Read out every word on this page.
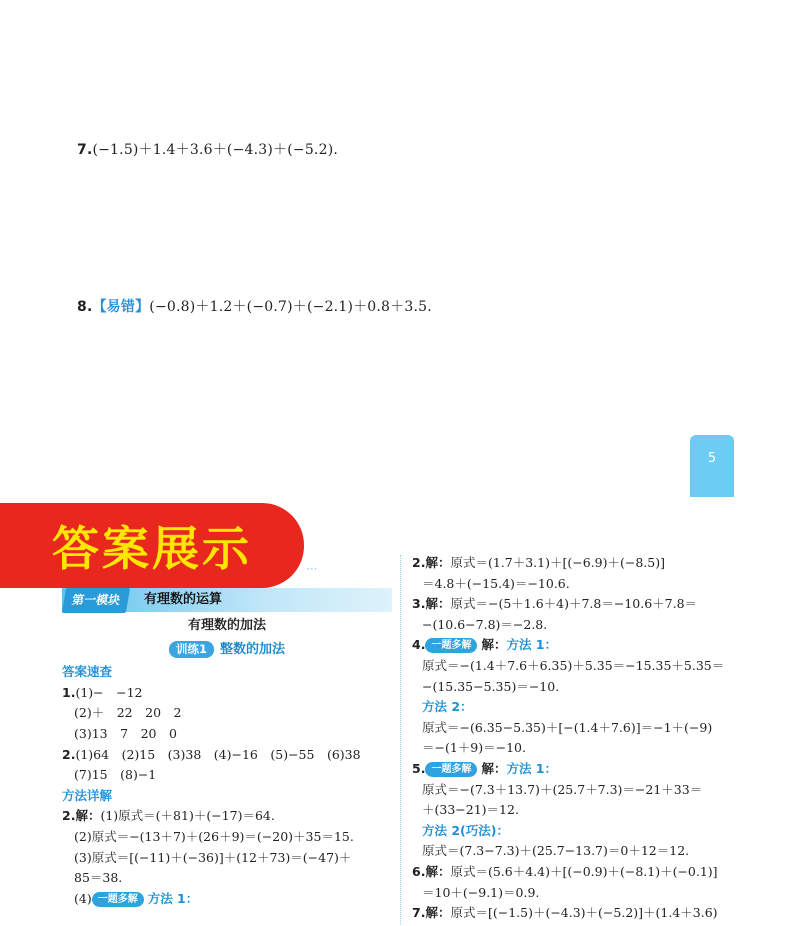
7.(−1.5)＋1.4＋3.6＋(−4.3)＋(−5.2).
8.【易错】(−0.8)＋1.2＋(−0.7)＋(−2.1)＋0.8＋3.5.
5
答案展示	···
第一模块	有理数的运算
有理数的加法
训练1 整数的加法
答案速查
1.(1)−　−12
(2)＋　22　20　2
(3)13　7　20　0
2.(1)64　(2)15　(3)38　(4)−16　(5)−55　(6)38
(7)15　(8)−1
方法详解
2.解：(1)原式＝(＋81)＋(−17)＝64.
(2)原式＝−(13＋7)＋(26＋9)＝(−20)＋35＝15.
(3)原式＝[(−11)＋(−36)]＋(12＋73)＝(−47)＋
85＝38.
(4) 一题多解 方法 1：
2.解：原式＝(1.7＋3.1)＋[(−6.9)＋(−8.5)]
＝4.8＋(−15.4)＝−10.6.
3.解：原式＝−(5＋1.6＋4)＋7.8＝−10.6＋7.8＝
−(10.6−7.8)＝−2.8.
4. 一题多解 解：方法 1：
原式＝−(1.4＋7.6＋6.35)＋5.35＝−15.35＋5.35＝
−(15.35−5.35)＝−10.
方法 2：
原式＝−(6.35−5.35)＋[−(1.4＋7.6)]＝−1＋(−9)
＝−(1＋9)＝−10.
5. 一题多解 解：方法 1：
原式＝−(7.3＋13.7)＋(25.7＋7.3)＝−21＋33＝
＋(33−21)＝12.
方法 2(巧法)：
原式＝(7.3−7.3)＋(25.7−13.7)＝0＋12＝12.
6.解：原式＝(5.6＋4.4)＋[(−0.9)＋(−8.1)＋(−0.1)]
＝10＋(−9.1)＝0.9.
7.解：原式＝[(−1.5)＋(−4.3)＋(−5.2)]＋(1.4＋3.6)
